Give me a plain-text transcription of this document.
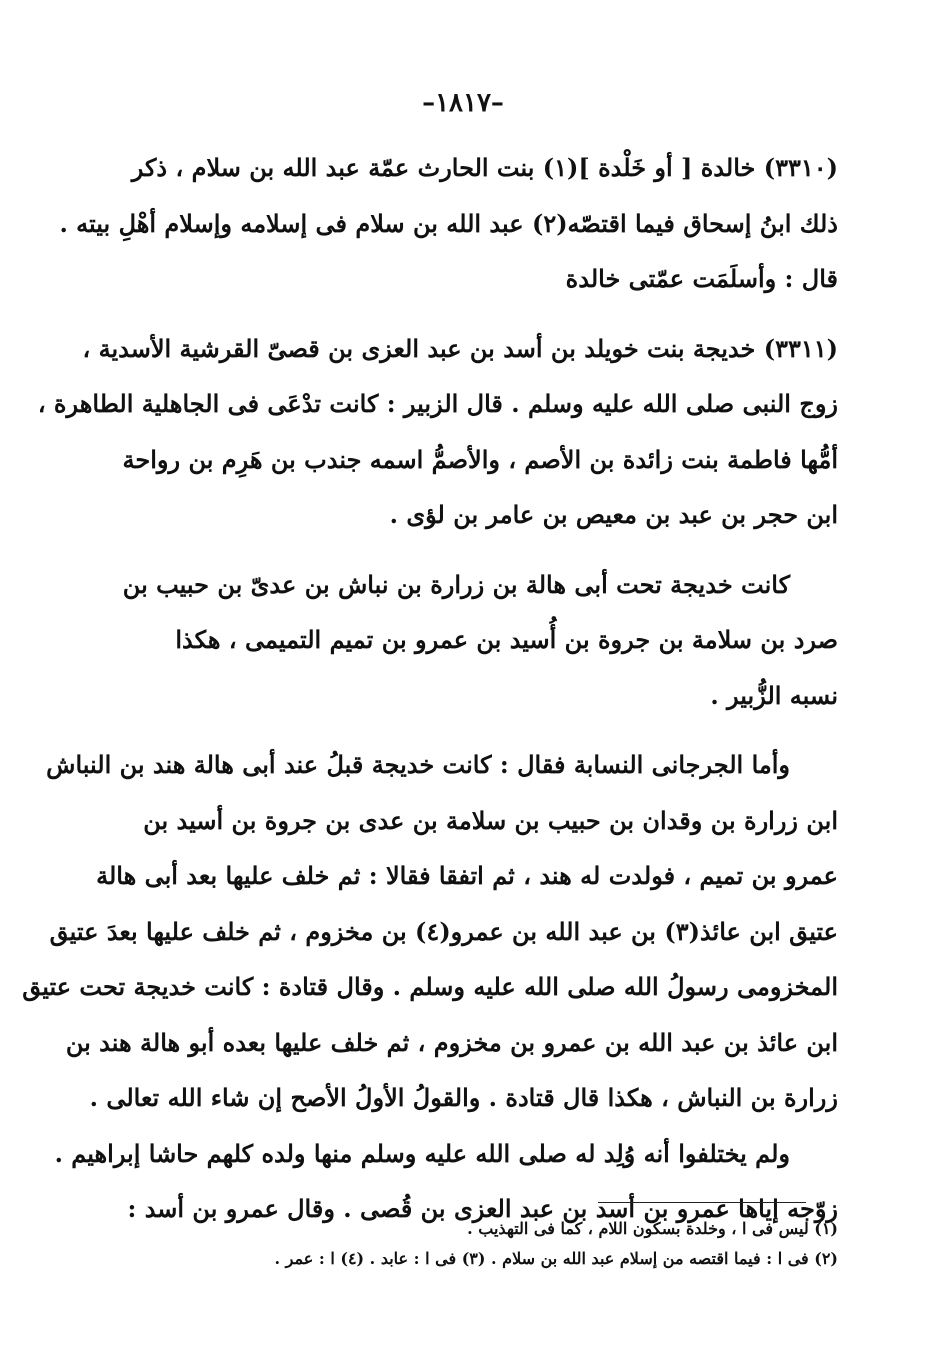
–١٨١٧–
(٣٣١٠) خالدة [ أو خَلْدة ](١) بنت الحارث عمّة عبد الله بن سلام ، ذكر
ذلك ابنُ إسحاق فيما اقتصّه(٢) عبد الله بن سلام فى إسلامه وإسلام أهْلِ بيته .
قال : وأسلَمَت عمّتى خالدة
(٣٣١١) خديجة بنت خويلد بن أسد بن عبد العزى بن قصىّ القرشية الأسدية ،
زوج النبى صلى الله عليه وسلم . قال الزبير : كانت تدْعَى فى الجاهلية الطاهرة ،
أمُّها فاطمة بنت زائدة بن الأصم ، والأصمُّ اسمه جندب بن هَرِم بن رواحة
ابن حجر بن عبد بن معيص بن عامر بن لؤى .
كانت خديجة تحت أبى هالة بن زرارة بن نباش بن عدىّ بن حبيب بن
صرد بن سلامة بن جروة بن أُسيد بن عمرو بن تميم التميمى ، هكذا
نسبه الزُّبير .
وأما الجرجانى النسابة فقال : كانت خديجة قبلُ عند أبى هالة هند بن النباش
ابن زرارة بن وقدان بن حبيب بن سلامة بن عدى بن جروة بن أسيد بن
عمرو بن تميم ، فولدت له هند ، ثم اتفقا فقالا : ثم خلف عليها بعد أبى هالة
عتيق ابن عائذ(٣) بن عبد الله بن عمرو(٤) بن مخزوم ، ثم خلف عليها بعدَ عتيق
المخزومى رسولُ الله صلى الله عليه وسلم . وقال قتادة : كانت خديجة تحت عتيق
ابن عائذ بن عبد الله بن عمرو بن مخزوم ، ثم خلف عليها بعده أبو هالة هند بن
زرارة بن النباش ، هكذا قال قتادة . والقولُ الأولُ الأصح إن شاء الله تعالى .
ولم يختلفوا أنه وُلِد له صلى الله عليه وسلم منها ولده كلهم حاشا إبراهيم .
زوّجه إياها عمرو بن أسد بن عبد العزى بن قُصى . وقال عمرو بن أسد :
(١) ليس فى ا ، وخلدة بسكون اللام ، كما فى التهذيب .
(٢) فى ا : فيما اقتصه من إسلام عبد الله بن سلام . (٣) فى ا : عابد . (٤) ا : عمر .
